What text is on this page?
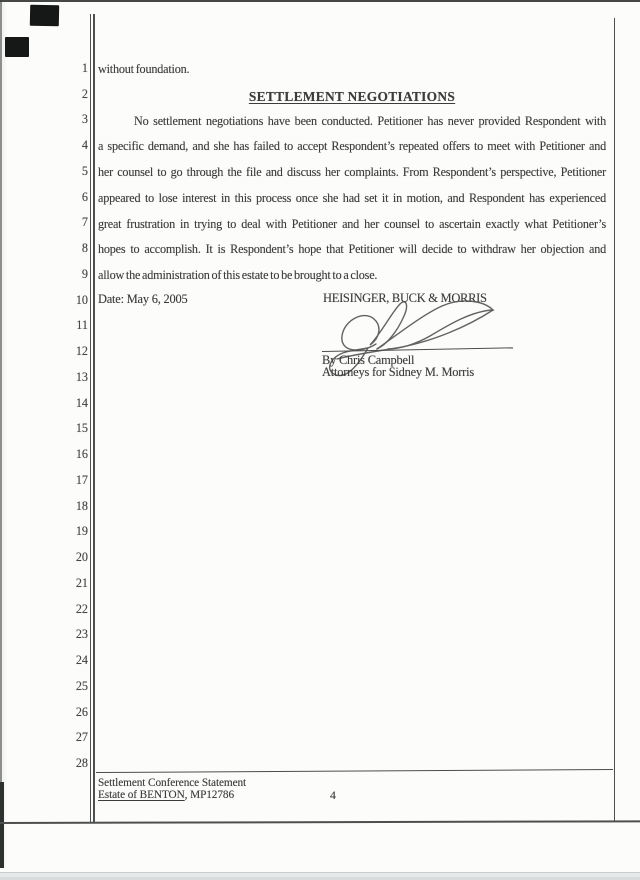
1
2
3
4
5
6
7
8
9
10
11
12
13
14
15
16
17
18
19
20
21
22
23
24
25
26
27
28
without foundation.
SETTLEMENT NEGOTIATIONS
No settlement negotiations have been conducted. Petitioner has never provided Respondent with
a specific demand, and she has failed to accept Respondent’s repeated offers to meet with Petitioner and
her counsel to go through the file and discuss her complaints. From Respondent’s perspective, Petitioner
appeared to lose interest in this process once she had set it in motion, and Respondent has experienced
great frustration in trying to deal with Petitioner and her counsel to ascertain exactly what Petitioner’s
hopes to accomplish. It is Respondent’s hope that Petitioner will decide to withdraw her objection and
allow the administration of this estate to be brought to a close.
Date: May 6, 2005	HEISINGER, BUCK & MORRIS
By Chris Campbell
Attorneys for Sidney M. Morris
Settlement Conference Statement
Estate of BENTON, MP12786	4
